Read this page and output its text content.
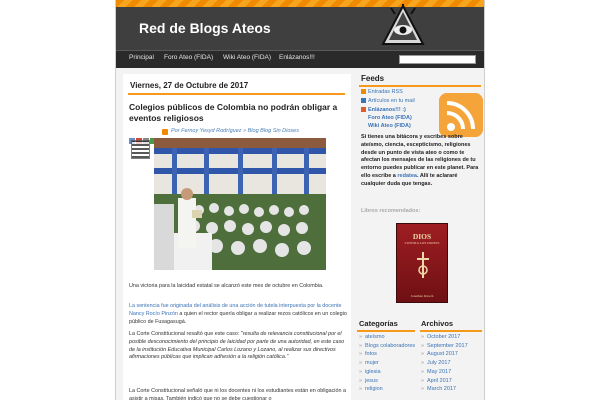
Red de Blogs Ateos
Principal Foro Ateo (FIDA) Wiki Ateo (FIDA) Enlázanos!!!
Viernes, 27 de Octubre de 2017
Colegios públicos de Colombia no podrán obligar a eventos religiosos
Por Fernoy Yesyd Rodríguez » Blog Blog Sin Dioses
Una victoria para la laicidad estatal se alcanzó este mes de octubre en Colombia.
La sentencia fue originada del análisis de una acción de tutela interpuesta por la docente Nancy Rocío Pinzón a quien el rector quería obligar a realizar rezos católicos en un colegio público de Fusagasugá.
La Corte Constitucional resaltó que este caso: "resulta de relevancia constitucional por el posible desconocimiento del principio de laicidad por parte de una autoridad, en este caso de la institución Educativa Municipal Carlos Lozano y Lozano, al realizar sus directivos afirmaciones públicas que implican adhesión a la religión católica."
La Corte Constitucional señaló que ni los docentes ni los estudiantes están en obligación a asistir a misas. También indicó que no se debe cuestionar o
Feeds
Entradas RSS
Artículos en tu mail
Enlázanos!!! :)
Foro Ateo (FIDA)
Wiki Ateo (FIDA)
Si tienes una bitácora y escribes sobre ateísmo, ciencia, escepticismo, religiones desde un punto de vista ateo o como te afectan los mensajes de las religiones de tu entorno puedes publicar en este planet. Para ello escribe a redatea. Allí te aclararé cualquier duda que tengas.
Libros recomendados:
DIOS
CONTRA LOS DIOSES
Jonathan Kirsch
Categorías
» ateísmo
» Blogs colaboradores
» fotos
» mujer
» iglesia
» jesus
» religion
Archivos
» October 2017
» September 2017
» August 2017
» July 2017
» May 2017
» April 2017
» March 2017
